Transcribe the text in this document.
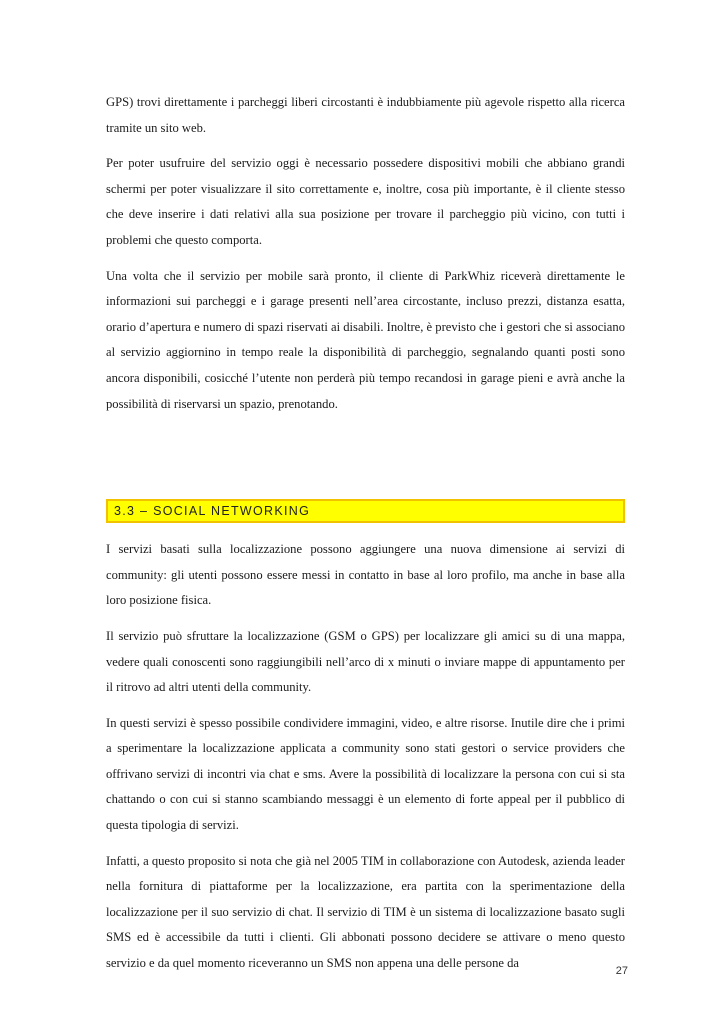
GPS) trovi direttamente i parcheggi liberi circostanti è indubbiamente più agevole rispetto alla ricerca tramite un sito web.

Per poter usufruire del servizio oggi è necessario possedere dispositivi mobili che abbiano grandi schermi per poter visualizzare il sito correttamente e, inoltre, cosa più importante, è il cliente stesso che deve inserire i dati relativi alla sua posizione per trovare il parcheggio più vicino, con tutti i problemi che questo comporta.

Una volta che il servizio per mobile sarà pronto, il cliente di ParkWhiz riceverà direttamente le informazioni sui parcheggi e i garage presenti nell’area circostante, incluso prezzi, distanza esatta, orario d’apertura e numero di spazi riservati ai disabili. Inoltre, è previsto che i gestori che si associano al servizio aggiornino in tempo reale la disponibilità di parcheggio, segnalando quanti posti sono ancora disponibili, cosicché l’utente non perderà più tempo recandosi in garage pieni e avrà anche la possibilità di riservarsi un spazio, prenotando.

3.3 – SOCIAL NETWORKING

I servizi basati sulla localizzazione possono aggiungere una nuova dimensione ai servizi di community: gli utenti possono essere messi in contatto in base al loro profilo, ma anche in base alla loro posizione fisica.

Il servizio può sfruttare la localizzazione (GSM o GPS) per localizzare gli amici su di una mappa, vedere quali conoscenti sono raggiungibili nell’arco di x minuti o inviare mappe di appuntamento per il ritrovo ad altri utenti della community.

In questi servizi è spesso possibile condividere immagini, video, e altre risorse. Inutile dire che i primi a sperimentare la localizzazione applicata a community sono stati gestori o service providers che offrivano servizi di incontri via chat e sms. Avere la possibilità di localizzare la persona con cui si sta chattando o con cui si stanno scambiando messaggi è un elemento di forte appeal per il pubblico di questa tipologia di servizi.

Infatti, a questo proposito si nota che già nel 2005 TIM in collaborazione con Autodesk, azienda leader nella fornitura di piattaforme per la localizzazione, era partita con la sperimentazione della localizzazione per il suo servizio di chat. Il servizio di TIM è un sistema di localizzazione basato sugli SMS ed è accessibile da tutti i clienti. Gli abbonati possono decidere se attivare o meno questo servizio e da quel momento riceveranno un SMS non appena una delle persone da

27
